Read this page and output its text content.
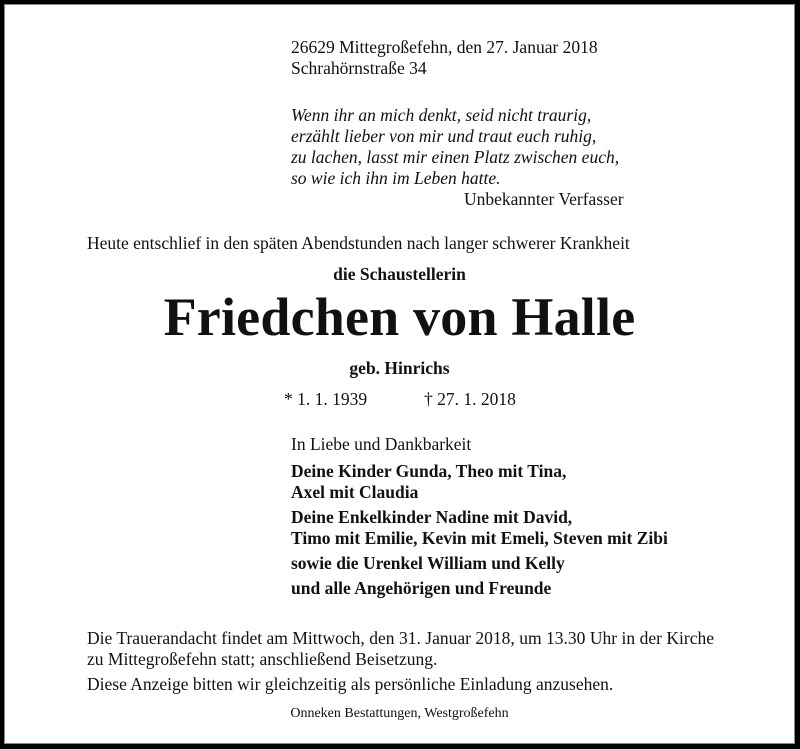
26629 Mittegroßefehn, den 27. Januar 2018
Schrahörnstraße 34
Wenn ihr an mich denkt, seid nicht traurig,
erzählt lieber von mir und traut euch ruhig,
zu lachen, lasst mir einen Platz zwischen euch,
so wie ich ihn im Leben hatte.
Unbekannter Verfasser
Heute entschlief in den späten Abendstunden nach langer schwerer Krankheit
die Schaustellerin
Friedchen von Halle
geb. Hinrichs
* 1. 1. 1939	† 27. 1. 2018
In Liebe und Dankbarkeit
Deine Kinder Gunda, Theo mit Tina,
Axel mit Claudia
Deine Enkelkinder Nadine mit David,
Timo mit Emilie, Kevin mit Emeli, Steven mit Zibi
sowie die Urenkel William und Kelly
und alle Angehörigen und Freunde
Die Trauerandacht findet am Mittwoch, den 31. Januar 2018, um 13.30 Uhr in der Kirche zu Mittegroßefehn statt; anschließend Beisetzung.
Diese Anzeige bitten wir gleichzeitig als persönliche Einladung anzusehen.
Onneken Bestattungen, Westgroßefehn
